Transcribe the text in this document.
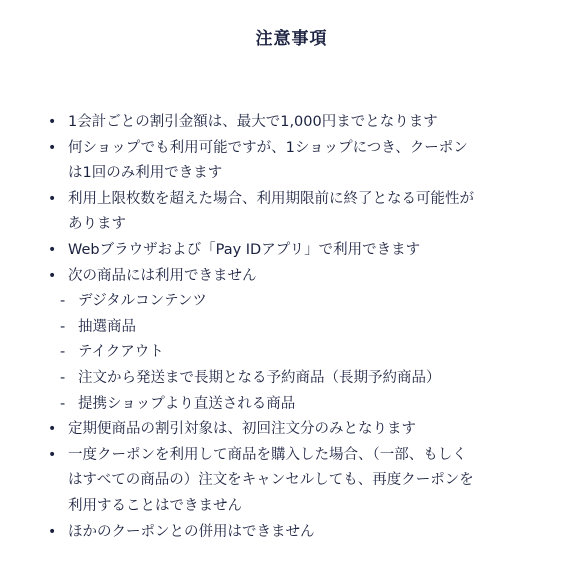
注意事項
• 1会計ごとの割引金額は、最大で1,000円までとなります
• 何ショップでも利用可能ですが、1ショップにつき、クーポン
は1回のみ利用できます
• 利用上限枚数を超えた場合、利用期限前に終了となる可能性が
あります
• Webブラウザおよび「Pay IDアプリ」で利用できます
• 次の商品には利用できません
- デジタルコンテンツ
- 抽選商品
- テイクアウト
- 注文から発送まで長期となる予約商品（長期予約商品）
- 提携ショップより直送される商品
• 定期便商品の割引対象は、初回注文分のみとなります
• 一度クーポンを利用して商品を購入した場合、（一部、もしく
はすべての商品の）注文をキャンセルしても、再度クーポンを
利用することはできません
• ほかのクーポンとの併用はできません
